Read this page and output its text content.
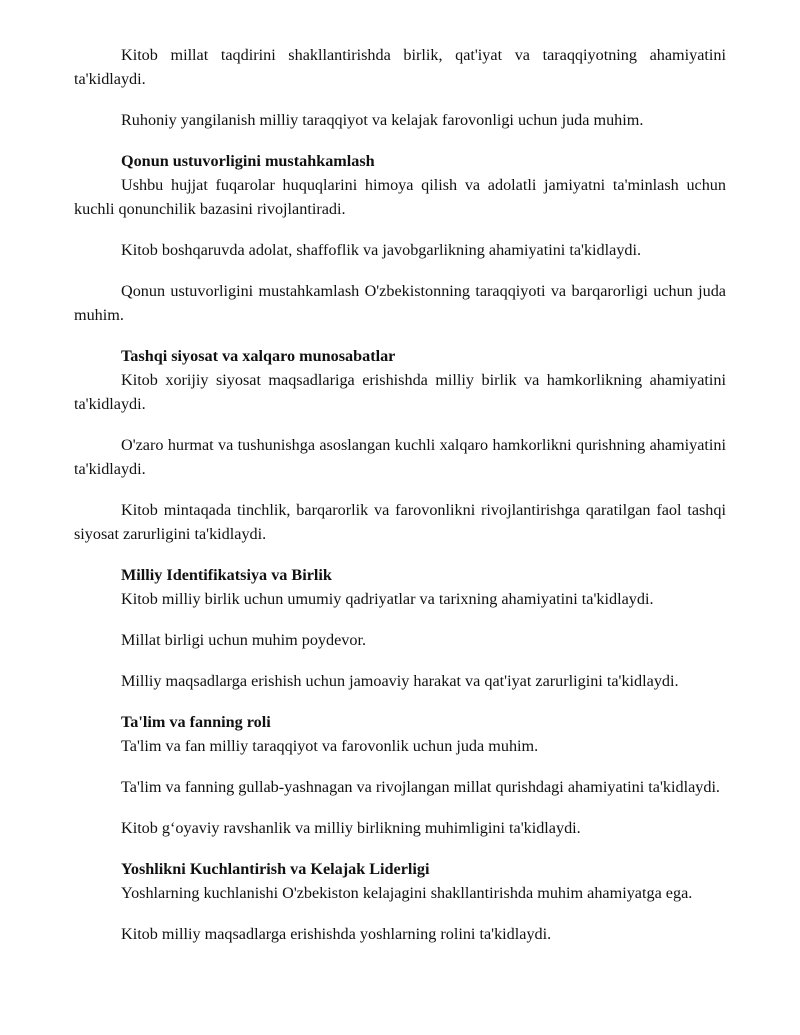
Kitob millat taqdirini shakllantirishda birlik, qat'iyat va taraqqiyotning ahamiyatini ta'kidlaydi.

Ruhoniy yangilanish milliy taraqqiyot va kelajak farovonligi uchun juda muhim.

Qonun ustuvorligini mustahkamlash

Ushbu hujjat fuqarolar huquqlarini himoya qilish va adolatli jamiyatni ta'minlash uchun kuchli qonunchilik bazasini rivojlantiradi.

Kitob boshqaruvda adolat, shaffoflik va javobgarlikning ahamiyatini ta'kidlaydi.

Qonun ustuvorligini mustahkamlash O'zbekistonning taraqqiyoti va barqarorligi uchun juda muhim.

Tashqi siyosat va xalqaro munosabatlar

Kitob xorijiy siyosat maqsadlariga erishishda milliy birlik va hamkorlikning ahamiyatini ta'kidlaydi.

O'zaro hurmat va tushunishga asoslangan kuchli xalqaro hamkorlikni qurishning ahamiyatini ta'kidlaydi.

Kitob mintaqada tinchlik, barqarorlik va farovonlikni rivojlantirishga qaratilgan faol tashqi siyosat zarurligini ta'kidlaydi.

Milliy Identifikatsiya va Birlik

Kitob milliy birlik uchun umumiy qadriyatlar va tarixning ahamiyatini ta'kidlaydi.

Millat birligi uchun muhim poydevor.

Milliy maqsadlarga erishish uchun jamoaviy harakat va qat'iyat zarurligini ta'kidlaydi.

Ta'lim va fanning roli

Ta'lim va fan milliy taraqqiyot va farovonlik uchun juda muhim.

Ta'lim va fanning gullab-yashnagan va rivojlangan millat qurishdagi ahamiyatini ta'kidlaydi.

Kitob g‘oyaviy ravshanlik va milliy birlikning muhimligini ta'kidlaydi.

Yoshlikni Kuchlantirish va Kelajak Liderligi

Yoshlarning kuchlanishi O'zbekiston kelajagini shakllantirishda muhim ahamiyatga ega.

Kitob milliy maqsadlarga erishishda yoshlarning rolini ta'kidlaydi.
